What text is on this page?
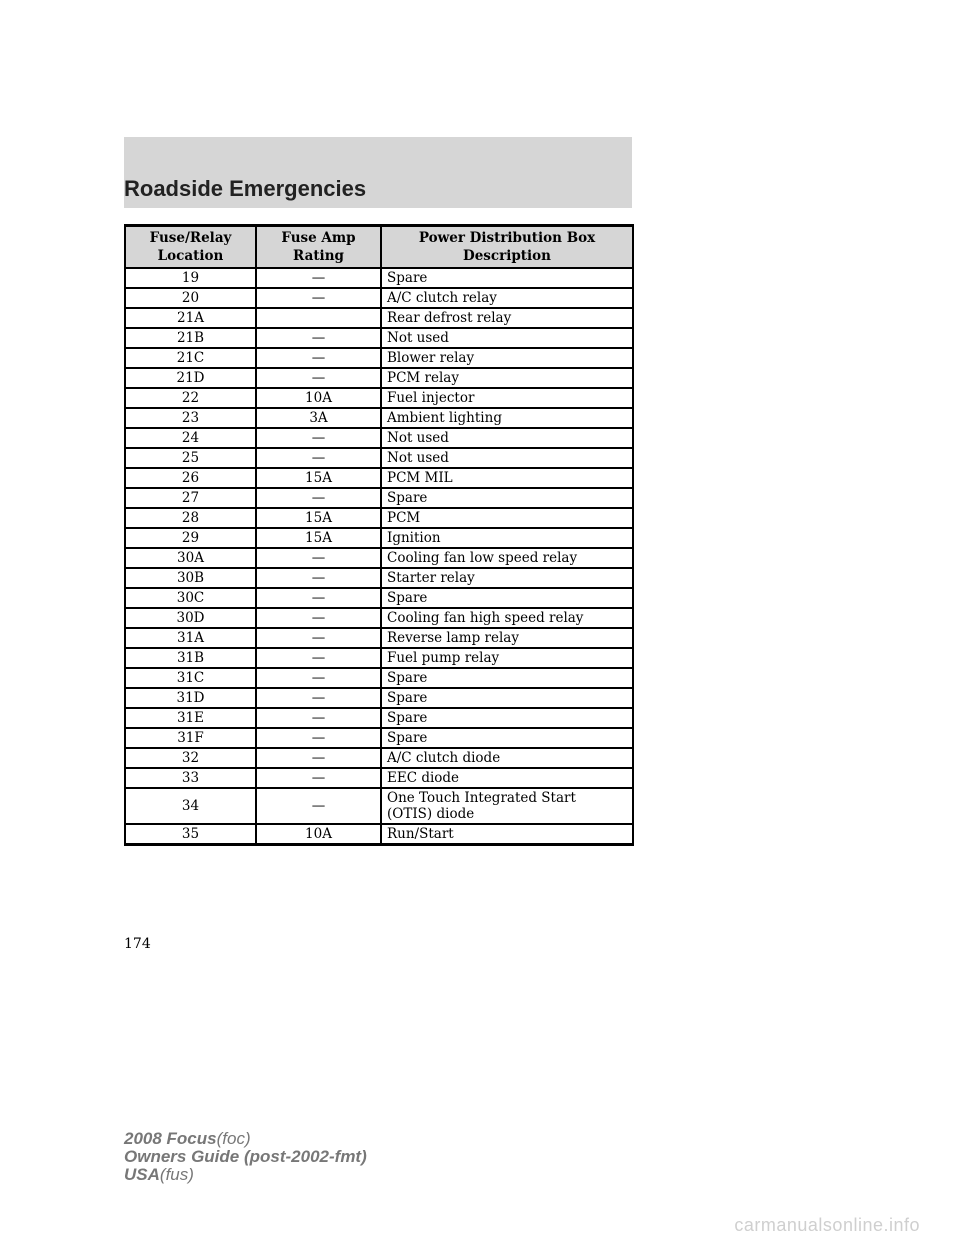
Roadside Emergencies
Fuse/Relay Location	Fuse Amp Rating	Power Distribution Box Description
19	—	Spare
20	—	A/C clutch relay
21A		Rear defrost relay
21B	—	Not used
21C	—	Blower relay
21D	—	PCM relay
22	10A	Fuel injector
23	3A	Ambient lighting
24	—	Not used
25	—	Not used
26	15A	PCM MIL
27	—	Spare
28	15A	PCM
29	15A	Ignition
30A	—	Cooling fan low speed relay
30B	—	Starter relay
30C	—	Spare
30D	—	Cooling fan high speed relay
31A	—	Reverse lamp relay
31B	—	Fuel pump relay
31C	—	Spare
31D	—	Spare
31E	—	Spare
31F	—	Spare
32	—	A/C clutch diode
33	—	EEC diode
34	—	One Touch Integrated Start
(OTIS) diode
35	10A	Run/Start
174
2008 Focus(foc)
Owners Guide (post-2002-fmt)
USA(fus)
carmanualsonline.info
